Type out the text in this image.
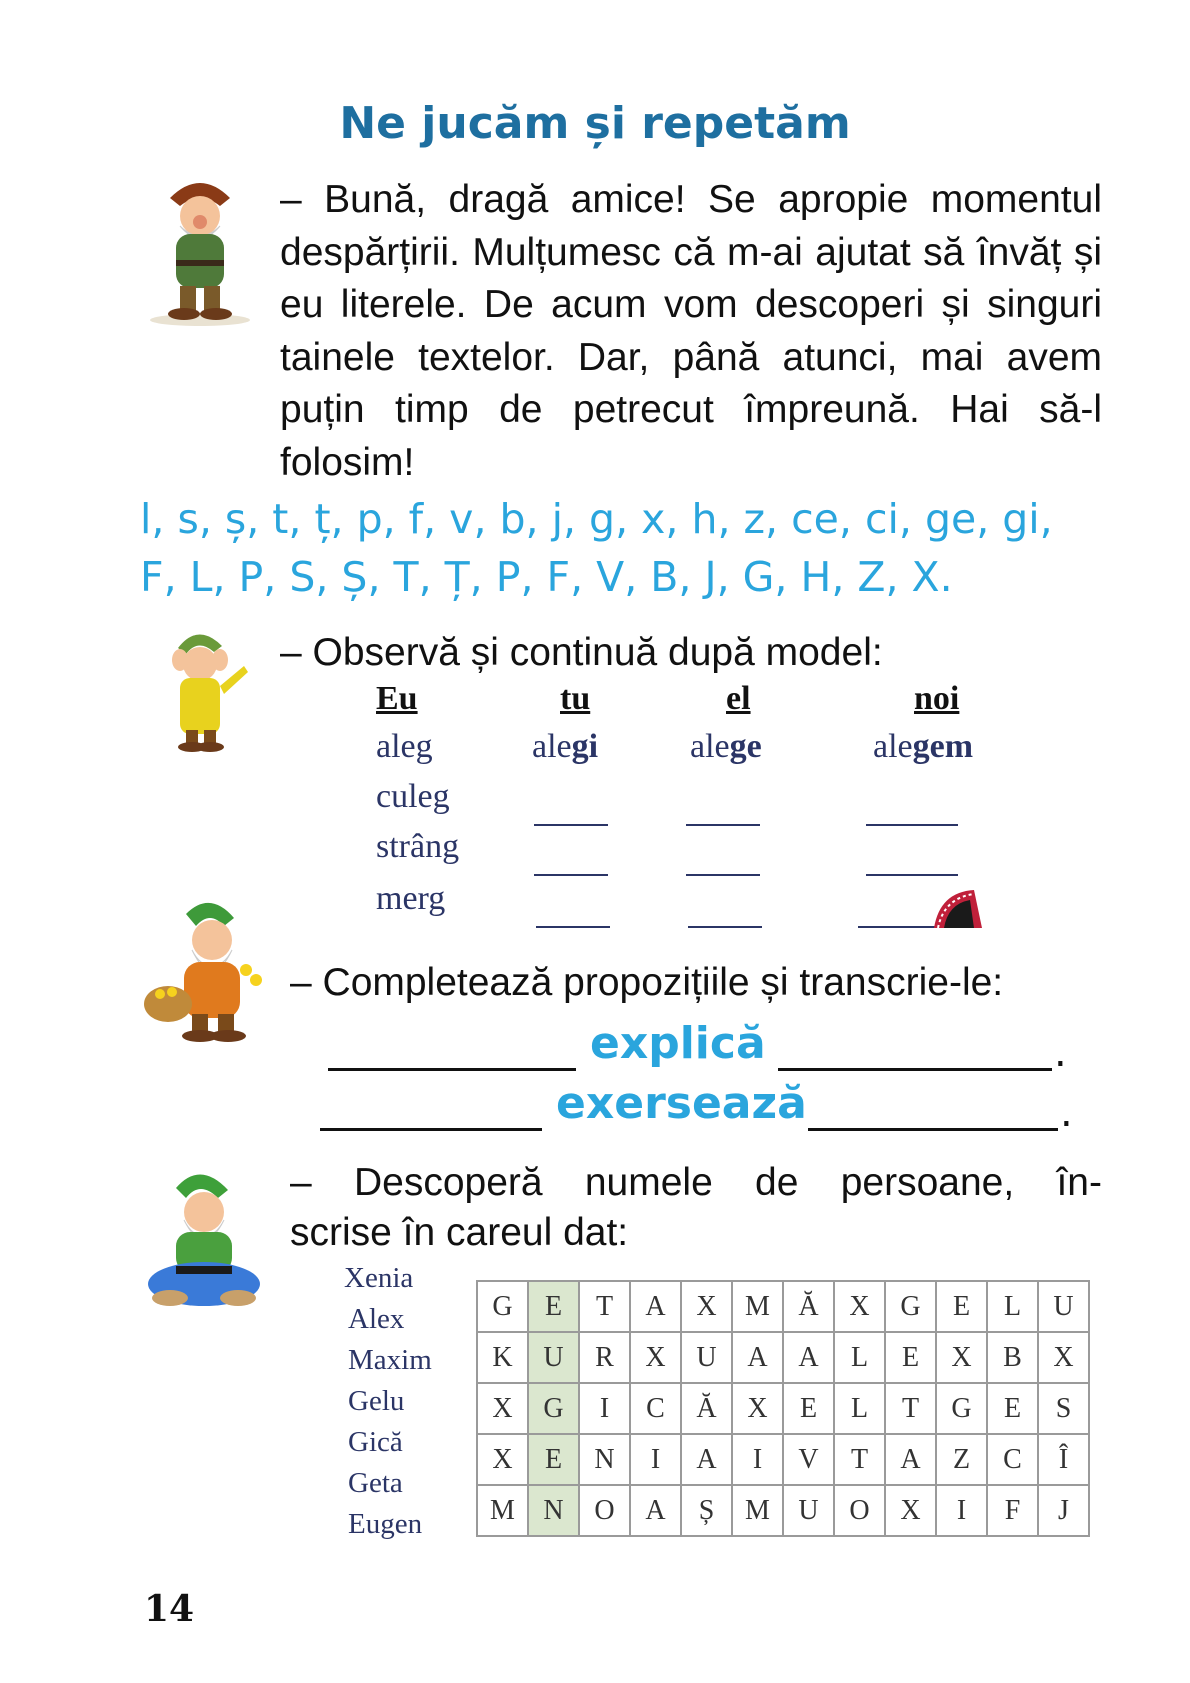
Ne jucăm și repetăm
– Bună, dragă amice! Se apropie momentul despărțirii. Mulțumesc că m-ai ajutat să învăț și eu literele. De acum vom descoperi și singuri tainele textelor. Dar, până atunci, mai avem puțin timp de petrecut împreună. Hai să-l folosim!
l, s, ș, t, ț, p, f, v, b, j, g, x, h, z, ce, ci, ge, gi,
F, L, P, S, Ș, T, Ț, P, F, V, B, J, G, H, Z, X.
– Observă și continuă după model:
Eu	tu	el	noi
aleg	alegi	alege	alegem
culeg
strâng
merg
– Completează propozițiile și transcrie-le:
explică	.
exersează	.
– Descoperă numele de persoane, în-
scrise în careul dat:
Xenia
Alex
Maxim
Gelu
Gică
Geta
Eugen
G	E	T	A	X	M	Ă	X	G	E	L	U
K	U	R	X	U	A	A	L	E	X	B	X
X	G	I	C	Ă	X	E	L	T	G	E	S
X	E	N	I	A	I	V	T	A	Z	C	Î
M	N	O	A	Ș	M	U	O	X	I	F	J
14
